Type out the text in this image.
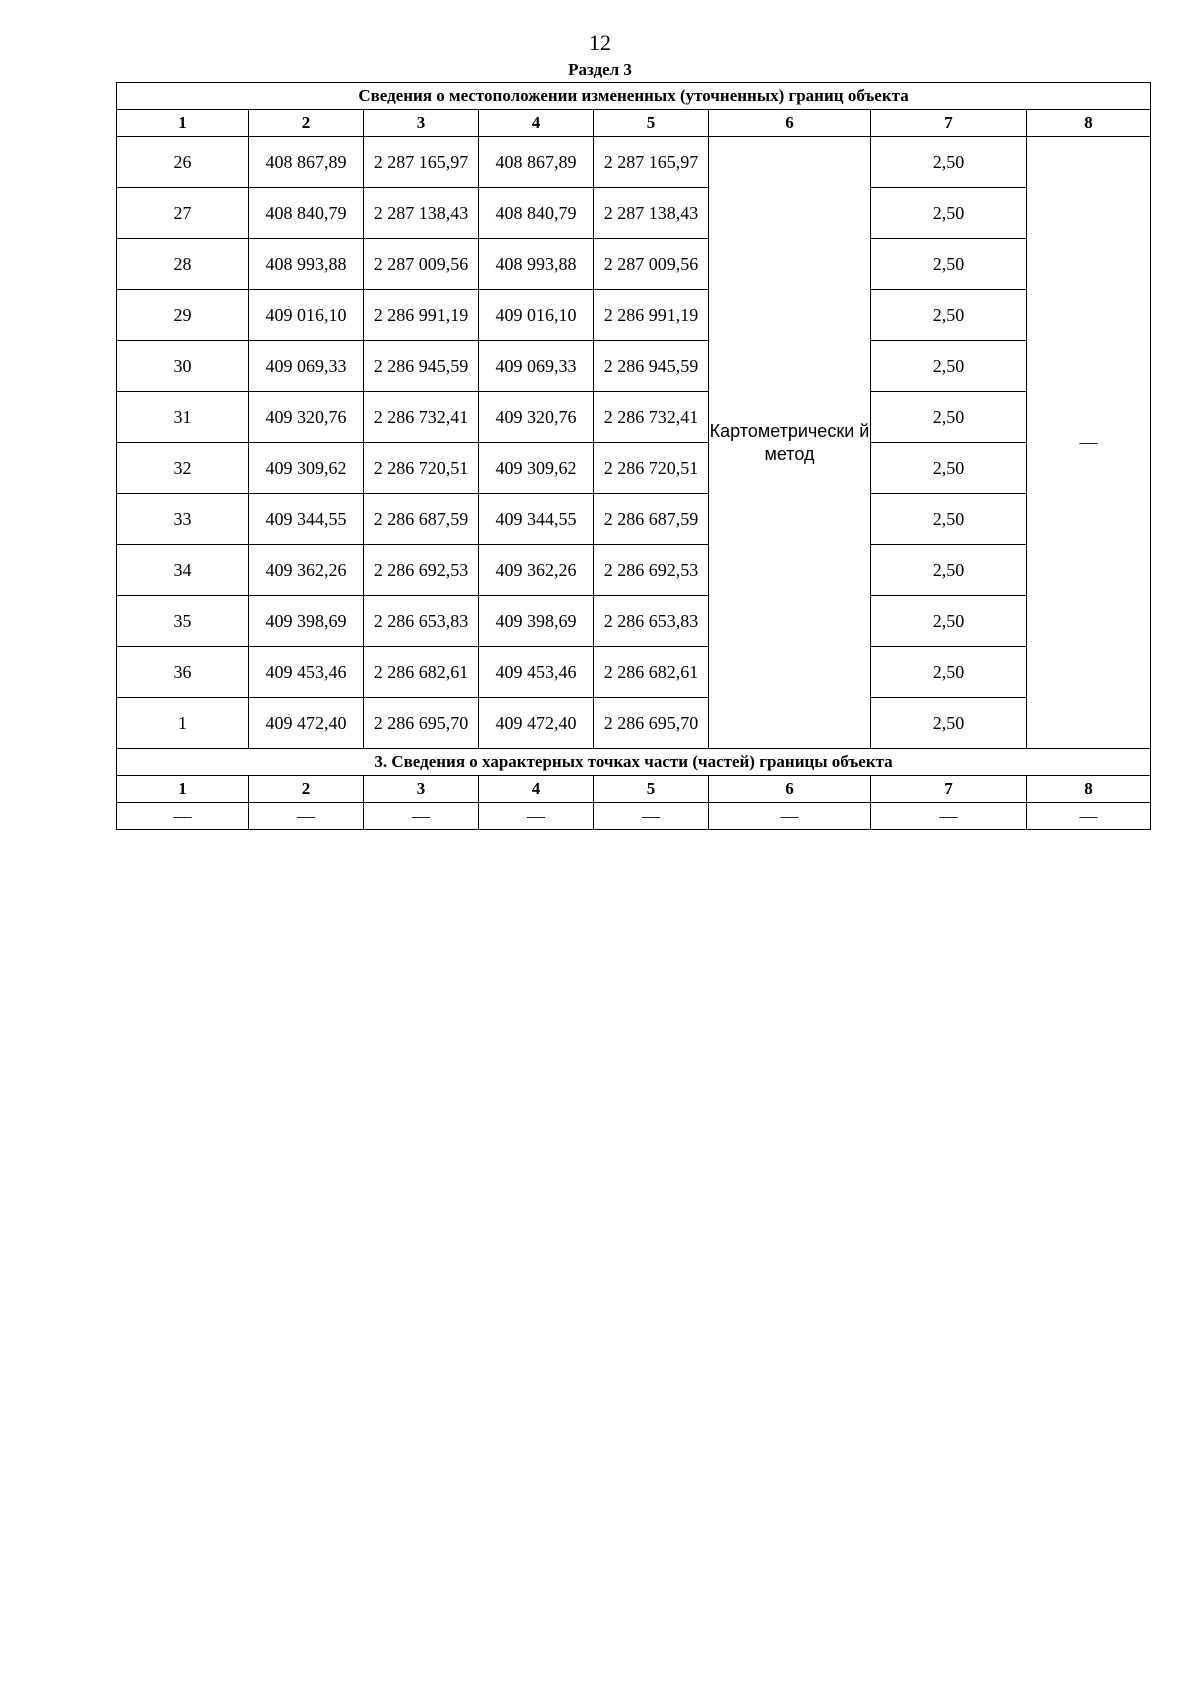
12
Раздел 3
Сведения о местоположении измененных (уточненных) границ объекта							
1	2	3	4	5	6	7	8
26	408 867,89	2 287 165,97	408 867,89	2 287 165,97	Картометрически й метод	2,50	—
27	408 840,79	2 287 138,43	408 840,79	2 287 138,43		2,50	
28	408 993,88	2 287 009,56	408 993,88	2 287 009,56		2,50	
29	409 016,10	2 286 991,19	409 016,10	2 286 991,19		2,50	
30	409 069,33	2 286 945,59	409 069,33	2 286 945,59		2,50	
31	409 320,76	2 286 732,41	409 320,76	2 286 732,41		2,50	
32	409 309,62	2 286 720,51	409 309,62	2 286 720,51		2,50	
33	409 344,55	2 286 687,59	409 344,55	2 286 687,59		2,50	
34	409 362,26	2 286 692,53	409 362,26	2 286 692,53		2,50	
35	409 398,69	2 286 653,83	409 398,69	2 286 653,83		2,50	
36	409 453,46	2 286 682,61	409 453,46	2 286 682,61		2,50	
1	409 472,40	2 286 695,70	409 472,40	2 286 695,70		2,50	
3. Сведения о характерных точках части (частей) границы объекта							
1	2	3	4	5	6	7	8
—	—	—	—	—	—	—	—
